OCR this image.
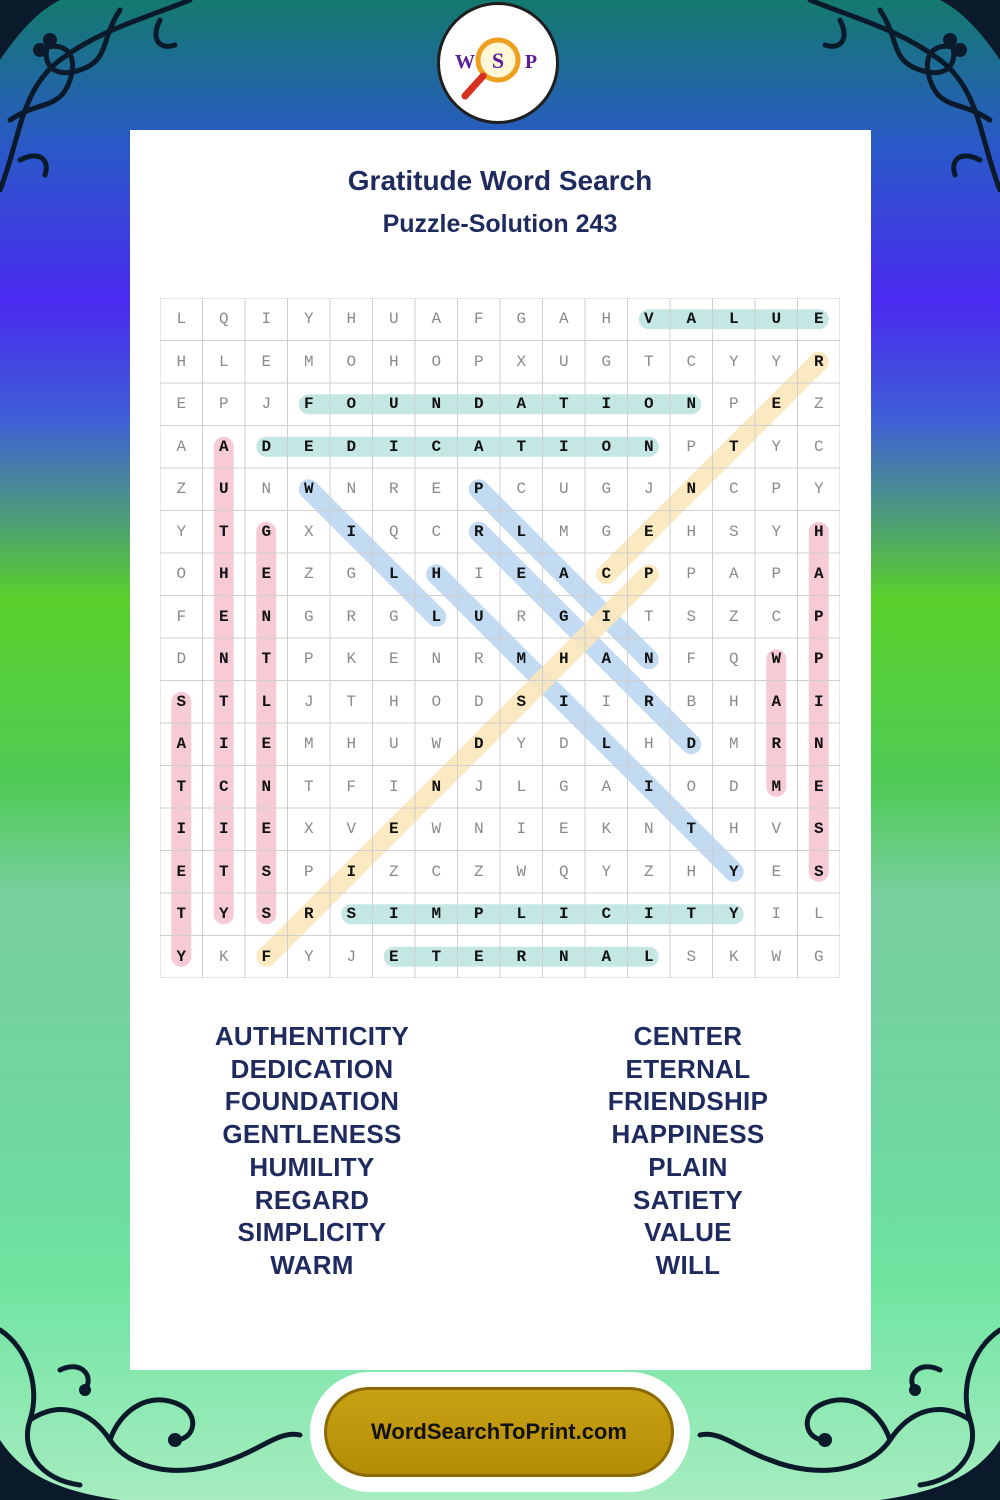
W S P
Gratitude Word Search
Puzzle-Solution 243
L	Q	I	Y	H	U	A	F	G	A	H	V	A	L	U	E
H	L	E	M	O	H	O	P	X	U	G	T	C	Y	Y	R
E	P	J	F	O	U	N	D	A	T	I	O	N	P	E	Z
A	A	D	E	D	I	C	A	T	I	O	N	P	T	Y	C
Z	U	N	W	N	R	E	P	C	U	G	J	N	C	P	Y
Y	T	G	X	I	Q	C	R	L	M	G	E	H	S	Y	H
O	H	E	Z	G	L	H	I	E	A	C	P	P	A	P	A
F	E	N	G	R	G	L	U	R	G	I	T	S	Z	C	P
D	N	T	P	K	E	N	R	M	H	A	N	F	Q	W	P
S	T	L	J	T	H	O	D	S	I	I	R	B	H	A	I
A	I	E	M	H	U	W	D	Y	D	L	H	D	M	R	N
T	C	N	T	F	I	N	J	L	G	A	I	O	D	M	E
I	I	E	X	V	E	W	N	I	E	K	N	T	H	V	S
E	T	S	P	I	Z	C	Z	W	Q	Y	Z	H	Y	E	S
T	Y	S	R	S	I	M	P	L	I	C	I	T	Y	I	L
Y	K	F	Y	J	E	T	E	R	N	A	L	S	K	W	G
AUTHENTICITY
DEDICATION
FOUNDATION
GENTLENESS
HUMILITY
REGARD
SIMPLICITY
WARM
CENTER
ETERNAL
FRIENDSHIP
HAPPINESS
PLAIN
SATIETY
VALUE
WILL
WordSearchToPrint.com
